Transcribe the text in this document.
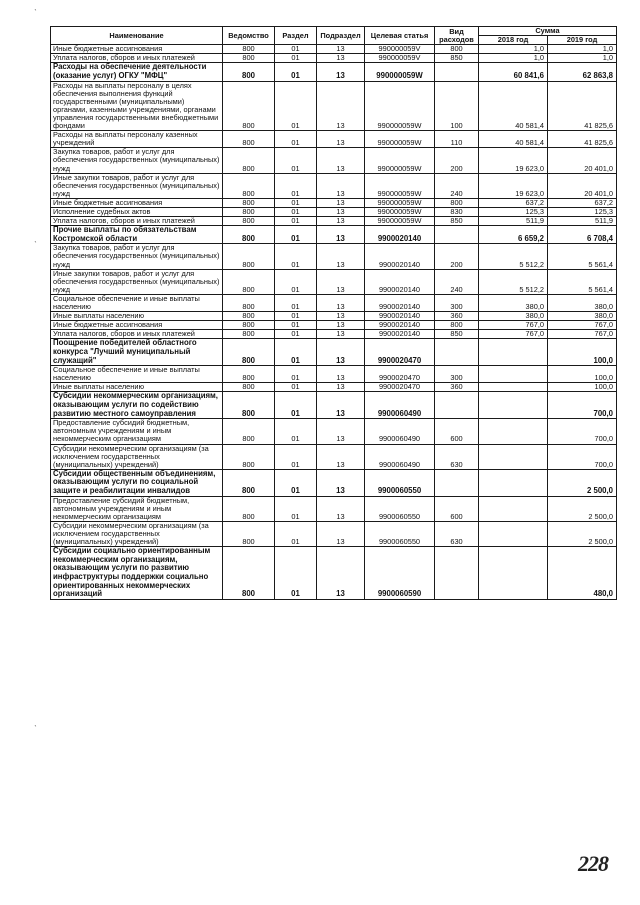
ˋ
ˋ
ˋ
Наименование	Ведомство	Раздел	Подраздел	Целевая статья	Вид расходов	Сумма	
						2018 год	2019 год
Иные бюджетные ассигнования	800	01	13	990000059V	800	1,0	1,0
Уплата налогов, сборов и иных платежей	800	01	13	990000059V	850	1,0	1,0
Расходы на обеспечение деятельности (оказание услуг) ОГКУ "МФЦ"	800	01	13	990000059W		60 841,6	62 863,8
Расходы на выплаты персоналу в целях обеспечения выполнения функций государственными (муниципальными) органами, казенными учреждениями, органами управления государственными внебюджетными фондами	800	01	13	990000059W	100	40 581,4	41 825,6
Расходы на выплаты персоналу казенных учреждений	800	01	13	990000059W	110	40 581,4	41 825,6
Закупка товаров, работ и услуг для обеспечения государственных (муниципальных) нужд	800	01	13	990000059W	200	19 623,0	20 401,0
Иные закупки товаров, работ и услуг для обеспечения государственных (муниципальных) нужд	800	01	13	990000059W	240	19 623,0	20 401,0
Иные бюджетные ассигнования	800	01	13	990000059W	800	637,2	637,2
Исполнение судебных актов	800	01	13	990000059W	830	125,3	125,3
Уплата налогов, сборов и иных платежей	800	01	13	990000059W	850	511,9	511,9
Прочие выплаты по обязательствам Костромской области	800	01	13	9900020140		6 659,2	6 708,4
Закупка товаров, работ и услуг для обеспечения государственных (муниципальных) нужд	800	01	13	9900020140	200	5 512,2	5 561,4
Иные закупки товаров, работ и услуг для обеспечения государственных (муниципальных) нужд	800	01	13	9900020140	240	5 512,2	5 561,4
Социальное обеспечение и иные выплаты населению	800	01	13	9900020140	300	380,0	380,0
Иные выплаты населению	800	01	13	9900020140	360	380,0	380,0
Иные бюджетные ассигнования	800	01	13	9900020140	800	767,0	767,0
Уплата налогов, сборов и иных платежей	800	01	13	9900020140	850	767,0	767,0
Поощрение победителей областного конкурса "Лучший муниципальный служащий"	800	01	13	9900020470			100,0
Социальное обеспечение и иные выплаты населению	800	01	13	9900020470	300		100,0
Иные выплаты населению	800	01	13	9900020470	360		100,0
Субсидии некоммерческим организациям, оказывающим услуги по содействию развитию местного самоуправления	800	01	13	9900060490			700,0
Предоставление субсидий бюджетным, автономным учреждениям и иным некоммерческим организациям	800	01	13	9900060490	600		700,0
Субсидии некоммерческим организациям (за исключением государственных (муниципальных) учреждений)	800	01	13	9900060490	630		700,0
Субсидии общественным объединениям, оказывающим услуги по социальной защите и реабилитации инвалидов	800	01	13	9900060550			2 500,0
Предоставление субсидий бюджетным, автономным учреждениям и иным некоммерческим организациям	800	01	13	9900060550	600		2 500,0
Субсидии некоммерческим организациям (за исключением государственных (муниципальных) учреждений)	800	01	13	9900060550	630		2 500,0
Субсидии социально ориентированным некоммерческим организациям, оказывающим услуги по развитию инфраструктуры поддержки социально ориентированных некоммерческих организаций	800	01	13	9900060590			480,0
228
